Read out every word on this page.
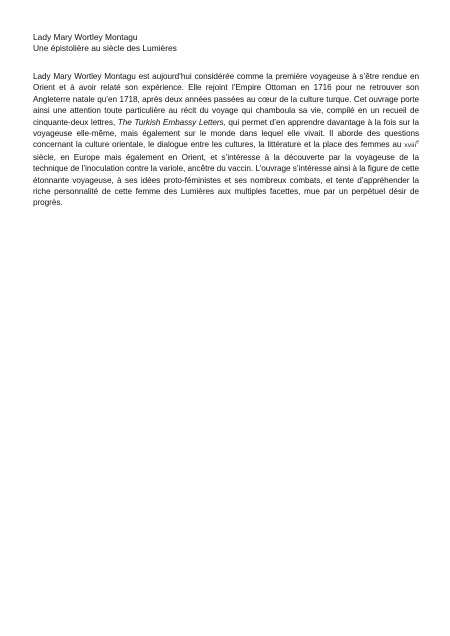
Lady Mary Wortley Montagu
Une épistolière au siècle des Lumières

Lady Mary Wortley Montagu est aujourd’hui considérée comme la première voyageuse à s’être rendue en Orient et à avoir relaté son expérience. Elle rejoint l’Empire Ottoman en 1716 pour ne retrouver son Angleterre natale qu’en 1718, après deux années passées au cœur de la culture turque. Cet ouvrage porte ainsi une attention toute particulière au récit du voyage qui chamboula sa vie, compilé en un recueil de cinquante-deux lettres, The Turkish Embassy Letters, qui permet d’en apprendre davantage à la fois sur la voyageuse elle-même, mais également sur le monde dans lequel elle vivait. Il aborde des questions concernant la culture orientale, le dialogue entre les cultures, la littérature et la place des femmes au xviii$^e$ siècle, en Europe mais également en Orient, et s’intéresse à la découverte par la voyageuse de la technique de l’inoculation contre la variole, ancêtre du vaccin. L’ouvrage s’intéresse ainsi à la figure de cette étonnante voyageuse, à ses idées proto-féministes et ses nombreux combats, et tente d’appréhender la riche personnalité de cette femme des Lumières aux multiples facettes, mue par un perpétuel désir de progrès.
